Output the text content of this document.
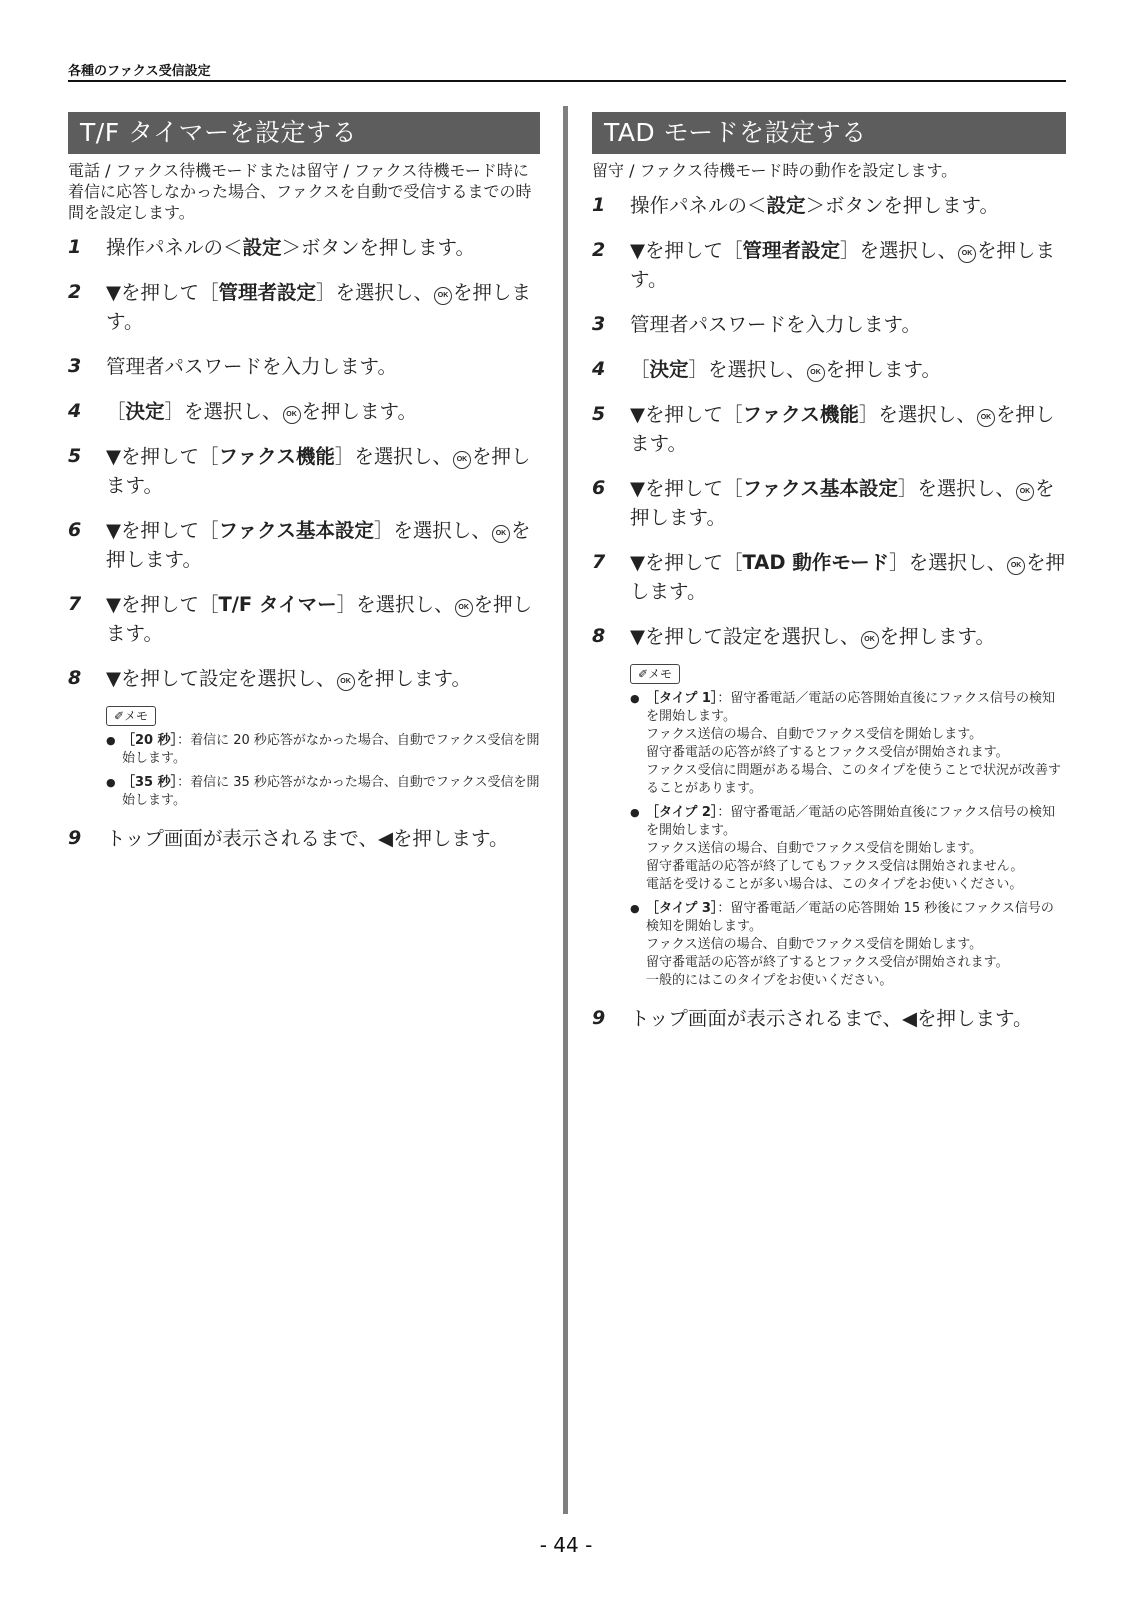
各種のファクス受信設定
T/F タイマーを設定する
電話 / ファクス待機モードまたは留守 / ファクス待機モード時に着信に応答しなかった場合、ファクスを自動で受信するまでの時間を設定します。
1 操作パネルの＜設定＞ボタンを押します。
2 ▼を押して［管理者設定］を選択し、 OK を押します。
3 管理者パスワードを入力します。
4 ［決定］を選択し、 OK を押します。
5 ▼を押して［ファクス機能］を選択し、 OK を押します。
6 ▼を押して［ファクス基本設定］を選択し、 OK を押します。
7 ▼を押して［T/F タイマー］を選択し、 OK を押します。
8 ▼を押して設定を選択し、 OK を押します。
✐メモ
● ［20 秒］：着信に 20 秒応答がなかった場合、自動でファクス受信を開始します。
● ［35 秒］：着信に 35 秒応答がなかった場合、自動でファクス受信を開始します。
9 トップ画面が表示されるまで、◀を押します。
TAD モードを設定する
留守 / ファクス待機モード時の動作を設定します。
1 操作パネルの＜設定＞ボタンを押します。
2 ▼を押して［管理者設定］を選択し、 OK を押します。
3 管理者パスワードを入力します。
4 ［決定］を選択し、 OK を押します。
5 ▼を押して［ファクス機能］を選択し、 OK を押します。
6 ▼を押して［ファクス基本設定］を選択し、 OK を押します。
7 ▼を押して［TAD 動作モード］を選択し、 OK を押します。
8 ▼を押して設定を選択し、 OK を押します。
✐メモ
● ［タイプ 1］：留守番電話／電話の応答開始直後にファクス信号の検知を開始します。
ファクス送信の場合、自動でファクス受信を開始します。
留守番電話の応答が終了するとファクス受信が開始されます。
ファクス受信に問題がある場合、このタイプを使うことで状況が改善することがあります。
● ［タイプ 2］：留守番電話／電話の応答開始直後にファクス信号の検知を開始します。
ファクス送信の場合、自動でファクス受信を開始します。
留守番電話の応答が終了してもファクス受信は開始されません。
電話を受けることが多い場合は、このタイプをお使いください。
● ［タイプ 3］：留守番電話／電話の応答開始 15 秒後にファクス信号の検知を開始します。
ファクス送信の場合、自動でファクス受信を開始します。
留守番電話の応答が終了するとファクス受信が開始されます。
一般的にはこのタイプをお使いください。
9 トップ画面が表示されるまで、◀を押します。
- 44 -
